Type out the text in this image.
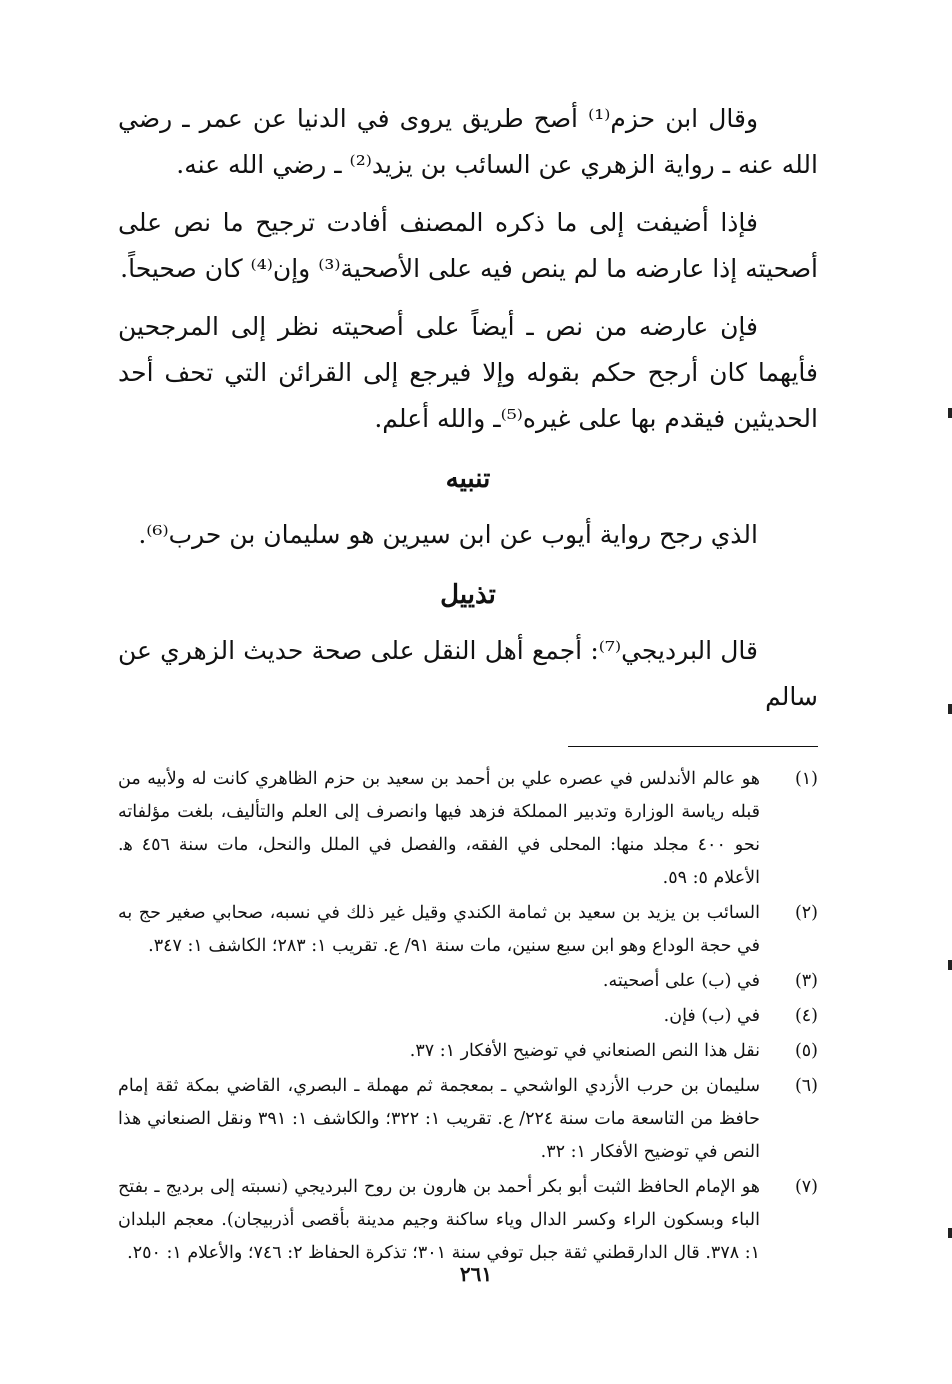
وقال ابن حزم⁽¹⁾ أصح طريق يروى في الدنيا عن عمر ـ رضي الله عنه ـ رواية الزهري عن السائب بن يزيد⁽²⁾ ـ رضي الله عنه.

فإذا أضيفت إلى ما ذكره المصنف أفادت ترجيح ما نص على أصحيته إذا عارضه ما لم ينص فيه على الأصحية⁽³⁾ وإن⁽⁴⁾ كان صحيحاً.

فإن عارضه من نص ـ أيضاً على أصحيته نظر إلى المرجحين فأيهما كان أرجح حكم بقوله وإلا فيرجع إلى القرائن التي تحف أحد الحديثين فيقدم بها على غيره⁽⁵⁾ـ والله أعلم.

تنبيه

الذي رجح رواية أيوب عن ابن سيرين هو سليمان بن حرب⁽⁶⁾.

تذييل

قال البرديجي⁽⁷⁾: أجمع أهل النقل على صحة حديث الزهري عن سالم

(١)
هو عالم الأندلس في عصره علي بن أحمد بن سعيد بن حزم الظاهري كانت له ولأبيه من قبله رياسة الوزارة وتدبير المملكة فزهد فيها وانصرف إلى العلم والتأليف، بلغت مؤلفاته نحو ٤٠٠ مجلد منها: المحلى في الفقه، والفصل في الملل والنحل، مات سنة ٤٥٦ ه‍. الأعلام ٥: ٥٩.
(٢)
السائب بن يزيد بن سعيد بن ثمامة الكندي وقيل غير ذلك في نسبه، صحابي صغير حج به في حجة الوداع وهو ابن سبع سنين، مات سنة ٩١/ ع. تقريب ١: ٢٨٣؛ الكاشف ١: ٣٤٧.
(٣)
في (ب) على أصحيته.
(٤)
في (ب) فإن.
(٥)
نقل هذا النص الصنعاني في توضيح الأفكار ١: ٣٧.
(٦)
سليمان بن حرب الأزدي الواشحي ـ بمعجمة ثم مهملة ـ البصري، القاضي بمكة ثقة إمام حافظ من التاسعة مات سنة ٢٢٤/ ع. تقريب ١: ٣٢٢؛ والكاشف ١: ٣٩١ ونقل الصنعاني هذا النص في توضيح الأفكار ١: ٣٢.
(٧)
هو الإمام الحافظ الثبت أبو بكر أحمد بن هارون بن روح البرديجي (نسبته إلى برديج ـ بفتح الباء وبسكون الراء وكسر الدال وياء ساكنة وجيم مدينة بأقصى أذربيجان). معجم البلدان ١: ٣٧٨. قال الدارقطني ثقة جبل توفي سنة ٣٠١؛ تذكرة الحفاظ ٢: ٧٤٦؛ والأعلام ١: ٢٥٠.
٢٦١
